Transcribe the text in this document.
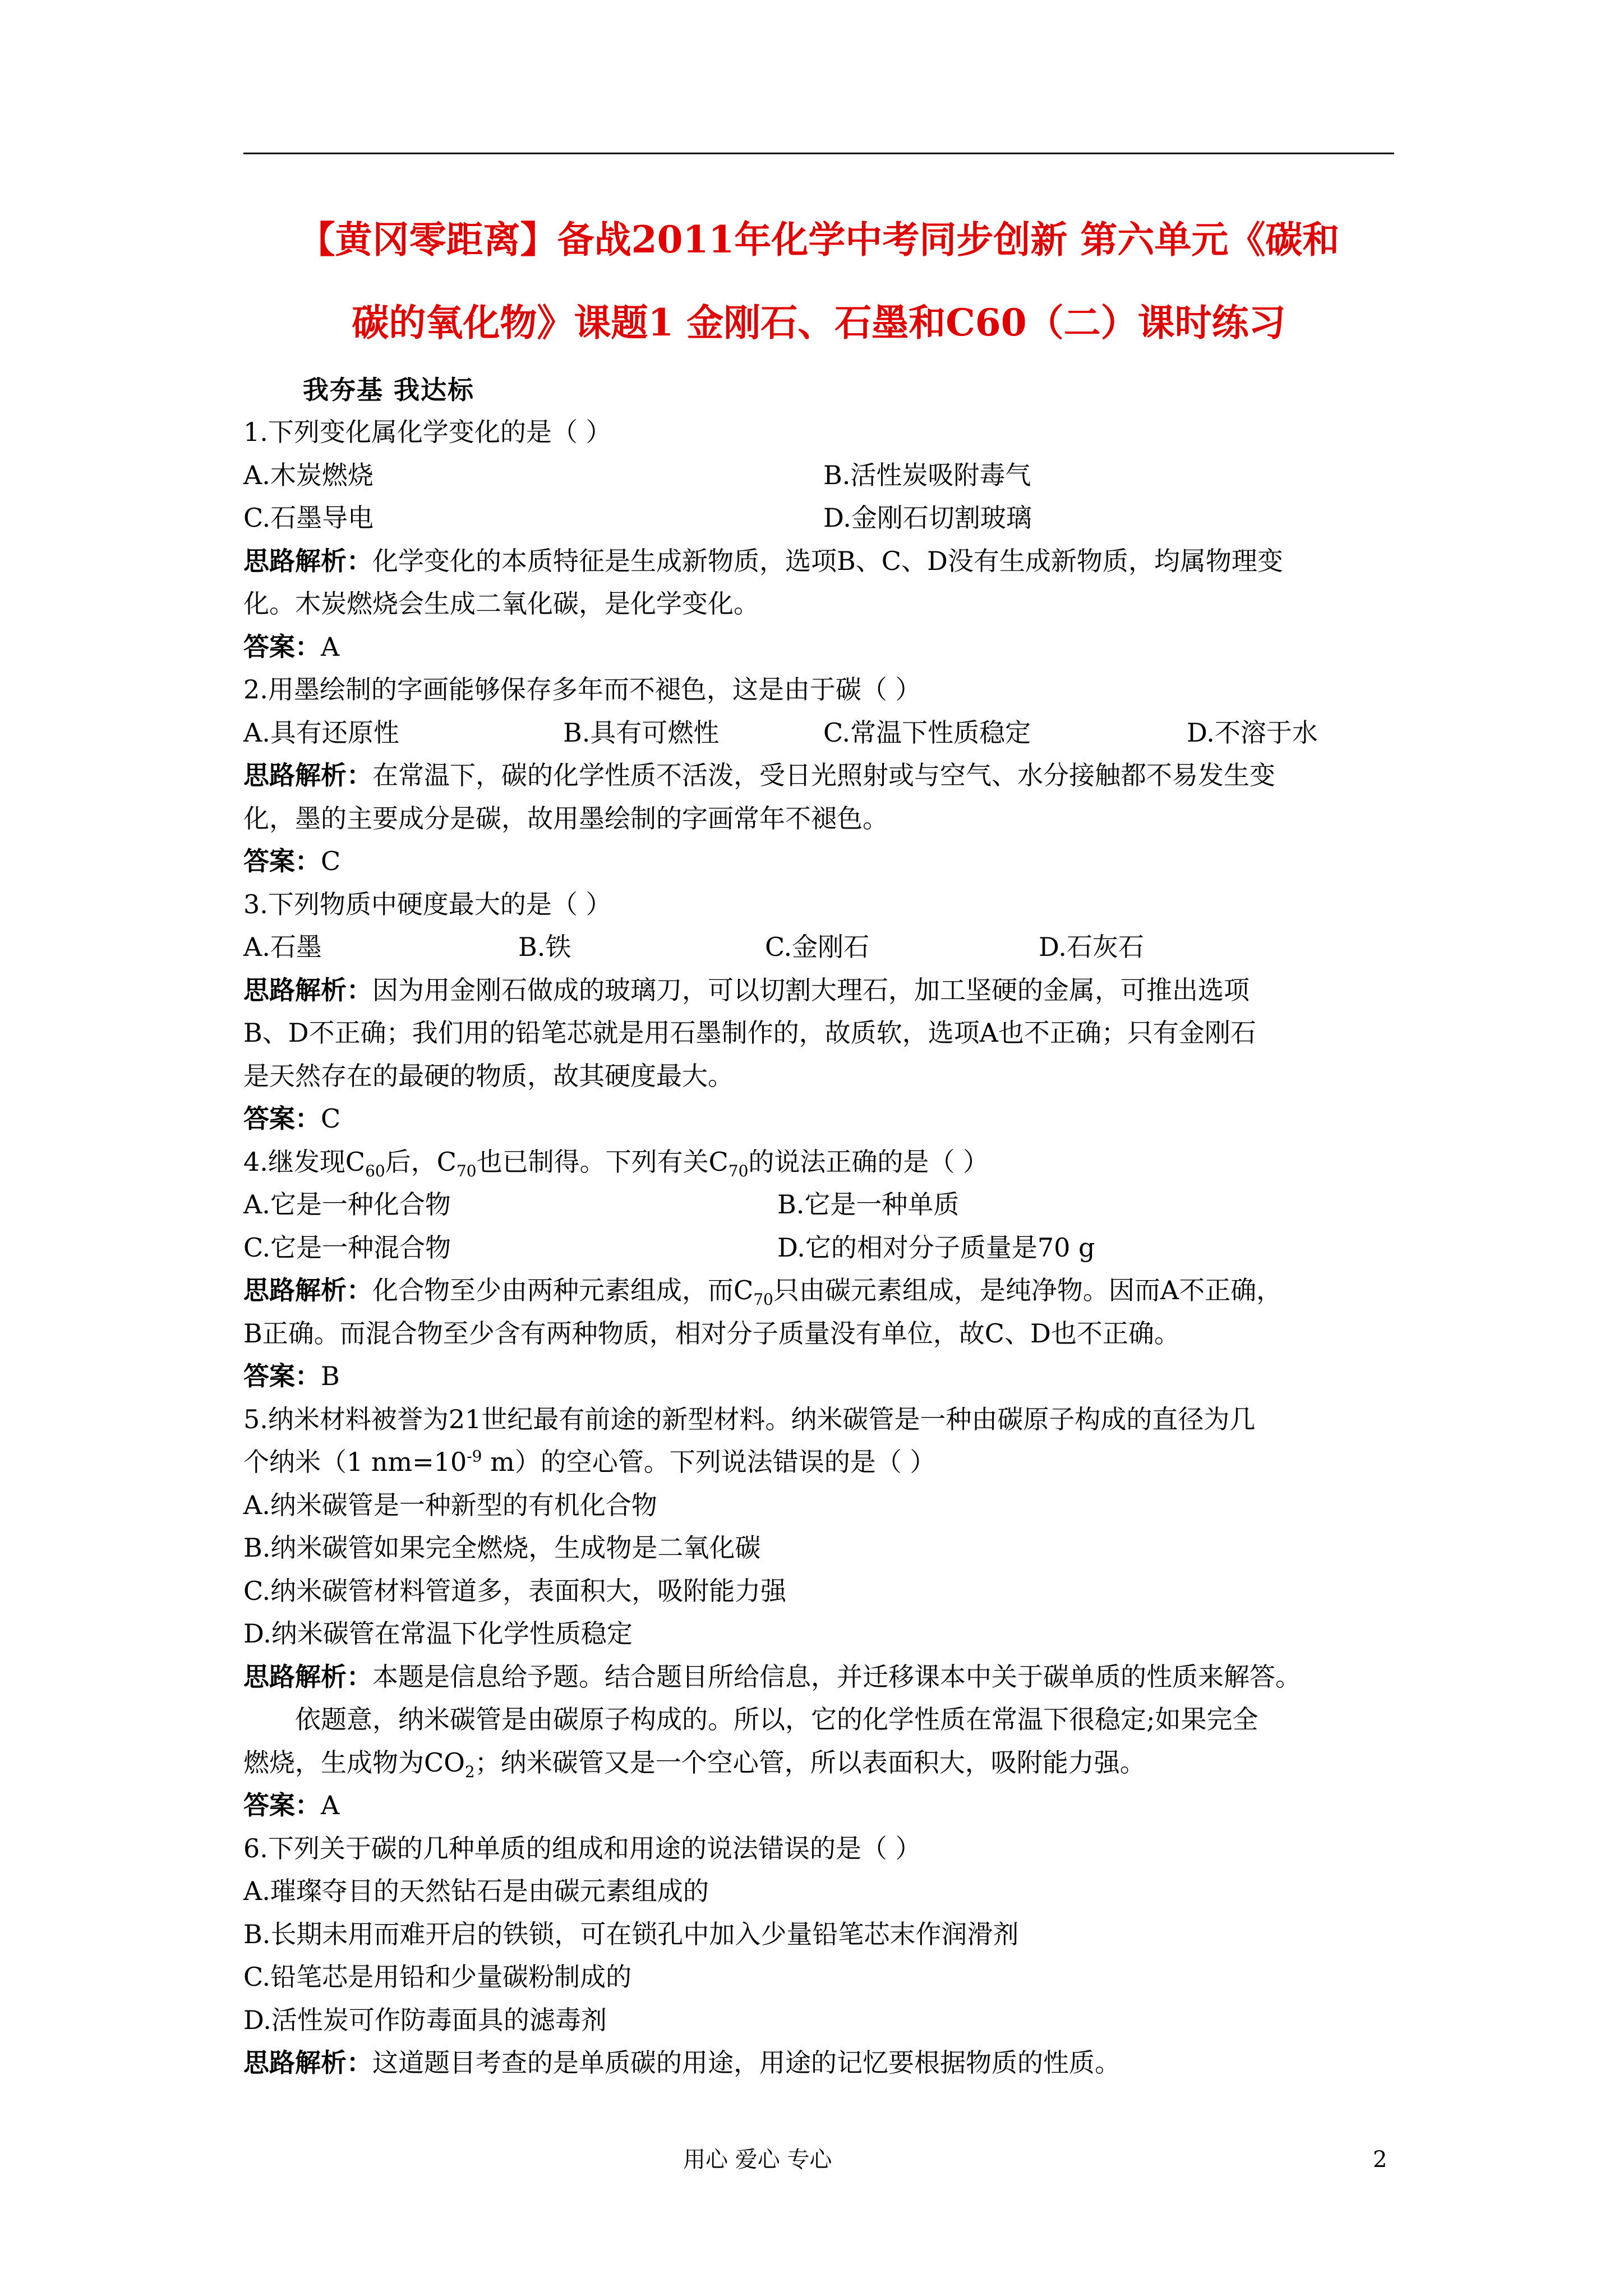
【黄冈零距离】备战2011年化学中考同步创新 第六单元《碳和
碳的氧化物》课题1 金刚石、石墨和C60（二）课时练习
我夯基 我达标
1.下列变化属化学变化的是（ ）
A.木炭燃烧	B.活性炭吸附毒气
C.石墨导电	D.金刚石切割玻璃
思路解析：化学变化的本质特征是生成新物质，选项B、C、D没有生成新物质，均属物理变
化。木炭燃烧会生成二氧化碳，是化学变化。
答案：A
2.用墨绘制的字画能够保存多年而不褪色，这是由于碳（ ）
A.具有还原性	B.具有可燃性	C.常温下性质稳定	D.不溶于水
思路解析：在常温下，碳的化学性质不活泼，受日光照射或与空气、水分接触都不易发生变
化，墨的主要成分是碳，故用墨绘制的字画常年不褪色。
答案：C
3.下列物质中硬度最大的是（ ）
A.石墨	B.铁	C.金刚石	D.石灰石
思路解析：因为用金刚石做成的玻璃刀，可以切割大理石，加工坚硬的金属，可推出选项
B、D不正确；我们用的铅笔芯就是用石墨制作的，故质软，选项A也不正确；只有金刚石
是天然存在的最硬的物质，故其硬度最大。
答案：C
4.继发现$C_{60}$后，$C_{70}$也已制得。下列有关$C_{70}$的说法正确的是（ ）
A.它是一种化合物	B.它是一种单质
C.它是一种混合物	D.它的相对分子质量是70 g
思路解析：化合物至少由两种元素组成，而$C_{70}$只由碳元素组成，是纯净物。因而A不正确，
B正确。而混合物至少含有两种物质，相对分子质量没有单位，故C、D也不正确。
答案：B
5.纳米材料被誉为21世纪最有前途的新型材料。纳米碳管是一种由碳原子构成的直径为几
个纳米（1 $nm=10^{-9}$ m）的空心管。下列说法错误的是（ ）
A.纳米碳管是一种新型的有机化合物
B.纳米碳管如果完全燃烧，生成物是二氧化碳
C.纳米碳管材料管道多，表面积大，吸附能力强
D.纳米碳管在常温下化学性质稳定
思路解析：本题是信息给予题。结合题目所给信息，并迁移课本中关于碳单质的性质来解答。
依题意，纳米碳管是由碳原子构成的。所以，它的化学性质在常温下很稳定;如果完全
燃烧，生成物为$CO_2$；纳米碳管又是一个空心管，所以表面积大，吸附能力强。
答案：A
6.下列关于碳的几种单质的组成和用途的说法错误的是（ ）
A.璀璨夺目的天然钻石是由碳元素组成的
B.长期未用而难开启的铁锁，可在锁孔中加入少量铅笔芯末作润滑剂
C.铅笔芯是用铅和少量碳粉制成的
D.活性炭可作防毒面具的滤毒剂
思路解析：这道题目考查的是单质碳的用途，用途的记忆要根据物质的性质。
用心 爱心 专心	2
